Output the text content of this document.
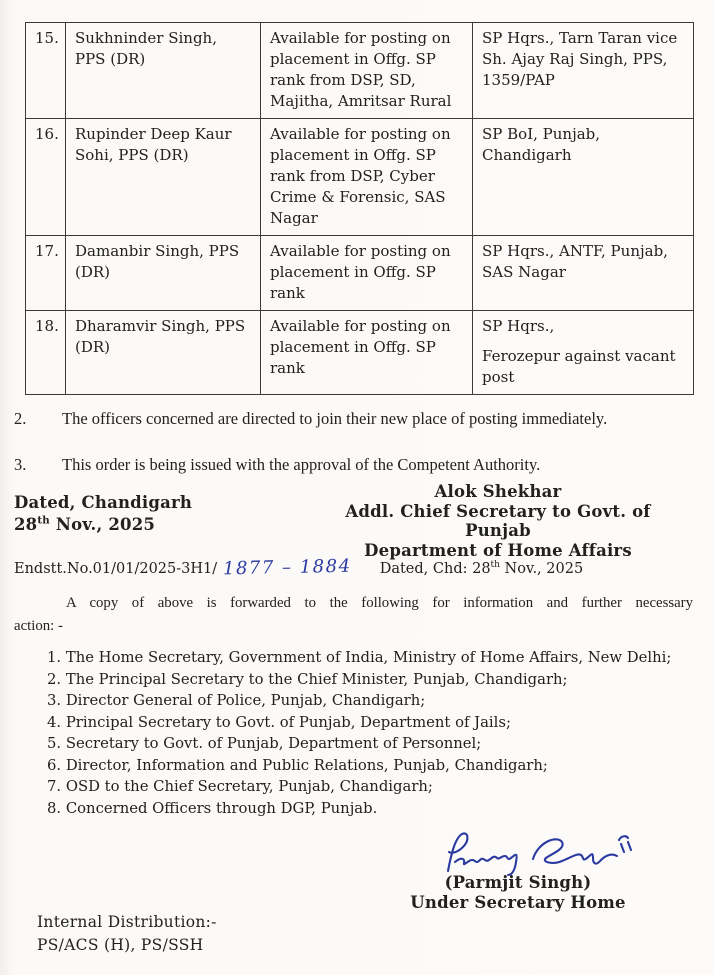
15.	Sukhninder Singh, PPS (DR)	Available for posting on placement in Offg. SP rank from DSP, SD, Majitha, Amritsar Rural	SP Hqrs., Tarn Taran vice Sh. Ajay Raj Singh, PPS, 1359/PAP

16.	Rupinder Deep Kaur Sohi, PPS (DR)	Available for posting on placement in Offg. SP rank from DSP, Cyber Crime & Forensic, SAS Nagar	SP BoI, Punjab, Chandigarh

17.	Damanbir Singh, PPS (DR)	Available for posting on placement in Offg. SP rank	SP Hqrs., ANTF, Punjab, SAS Nagar

18.	Dharamvir Singh, PPS (DR)	Available for posting on placement in Offg. SP rank	SP Hqrs.,
Ferozepur against vacant post
2. The officers concerned are directed to join their new place of posting immediately.
3. This order is being issued with the approval of the Competent Authority.
Dated, Chandigarh
28th Nov., 2025
Alok Shekhar
Addl. Chief Secretary to Govt. of Punjab
Department of Home Affairs
Endstt.No.01/01/2025-3H1/ 1877 – 1884 Dated, Chd: 28th Nov., 2025
A copy of above is forwarded to the following for information and further necessary
action: -
1. The Home Secretary, Government of India, Ministry of Home Affairs, New Delhi;
2. The Principal Secretary to the Chief Minister, Punjab, Chandigarh;
3. Director General of Police, Punjab, Chandigarh;
4. Principal Secretary to Govt. of Punjab, Department of Jails;
5. Secretary to Govt. of Punjab, Department of Personnel;
6. Director, Information and Public Relations, Punjab, Chandigarh;
7. OSD to the Chief Secretary, Punjab, Chandigarh;
8. Concerned Officers through DGP, Punjab.
(Parmjit Singh)
Under Secretary Home
Internal Distribution:-
PS/ACS (H), PS/SSH
